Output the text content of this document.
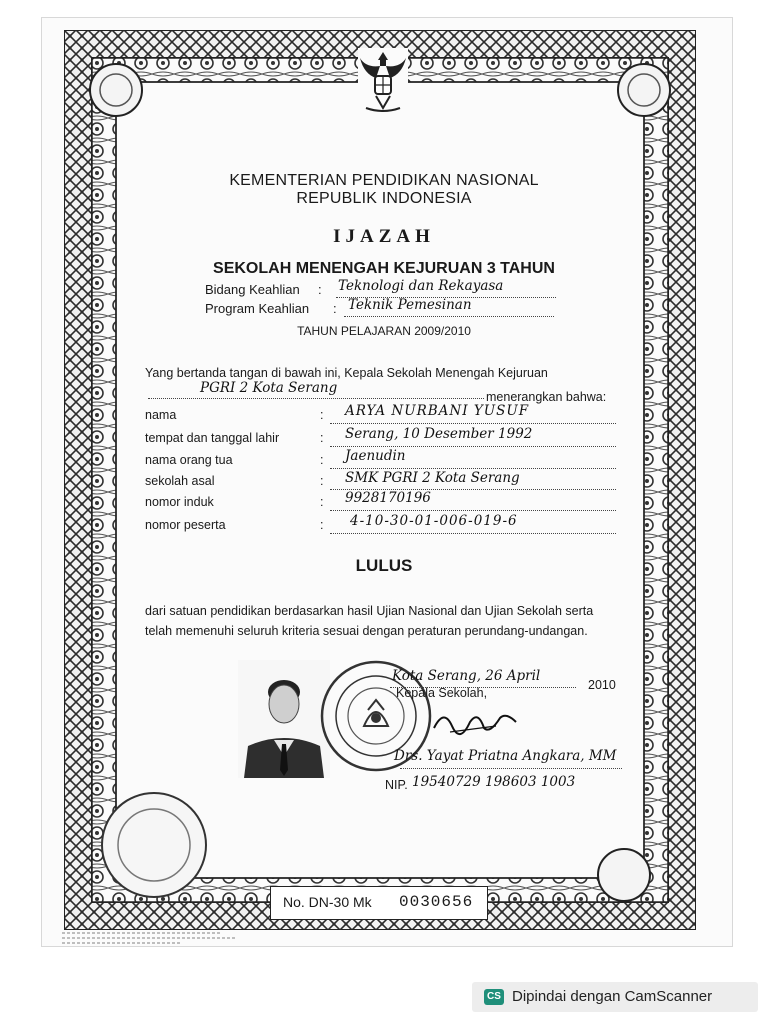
KEMENTERIAN PENDIDIKAN NASIONAL
REPUBLIK INDONESIA
IJAZAH
SEKOLAH MENENGAH KEJURUAN 3 TAHUN
Bidang Keahlian : Teknologi dan Rekayasa
Program Keahlian : Teknik Pemesinan
TAHUN PELAJARAN 2009/2010
Yang bertanda tangan di bawah ini, Kepala Sekolah Menengah Kejuruan
PGRI 2 Kota Serang
menerangkan bahwa:
nama	: ARYA NURBANI YUSUF
tempat dan tanggal lahir	: Serang, 10 Desember 1992
nama orang tua	: Jaenudin
sekolah asal	: SMK PGRI 2 Kota Serang
nomor induk	: 9928170196
nomor peserta	: 4-10-30-01-006-019-6
LULUS
dari satuan pendidikan berdasarkan hasil Ujian Nasional dan Ujian Sekolah serta
telah memenuhi seluruh kriteria sesuai dengan peraturan perundang-undangan.
Kota Serang, 26 April
2010
Kepala Sekolah,
Drs. Yayat Priatna Angkara, MM
NIP. 19540729 198603 1003
No. DN-30 Mk 0030656
CS Dipindai dengan CamScanner
